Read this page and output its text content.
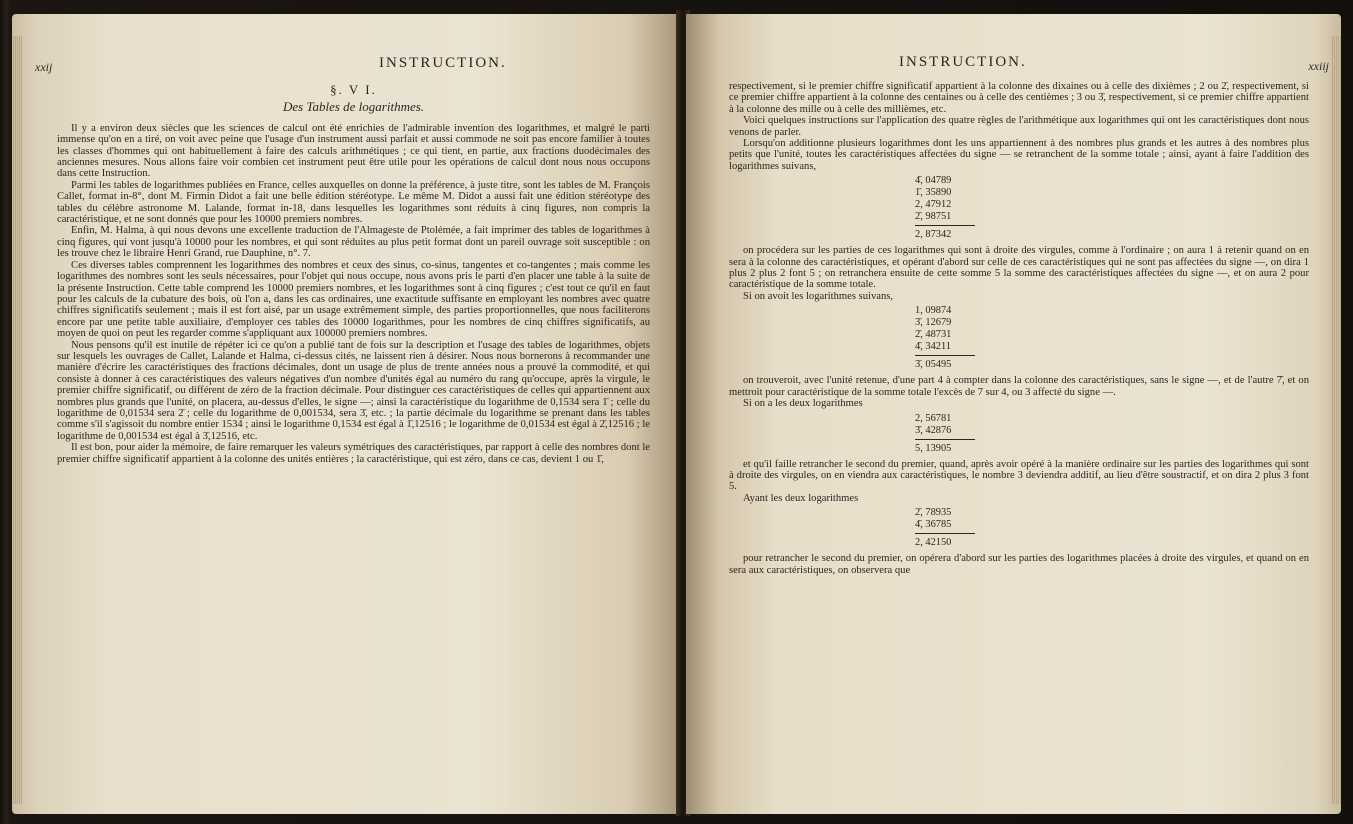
xxij	INSTRUCTION.
§. V I.
Des Tables de logarithmes.

Il y a environ deux siècles que les sciences de calcul ont été enrichies de l'admirable invention des logarithmes, et malgré le parti immense qu'on en a tiré, on voit avec peine que l'usage d'un instrument aussi parfait et aussi commode ne soit pas encore familier à toutes les classes d'hommes qui ont habituellement à faire des calculs arithmétiques ; ce qui tient, en partie, aux fractions duodécimales des anciennes mesures. Nous allons faire voir combien cet instrument peut être utile pour les opérations de calcul dont nous nous occupons dans cette Instruction.

Parmi les tables de logarithmes publiées en France, celles auxquelles on donne la préférence, à juste titre, sont les tables de M. François Callet, format in-8°, dont M. Firmin Didot a fait une belle édition stéréotype. Le même M. Didot a aussi fait une édition stéréotype des tables du célèbre astronome M. Lalande, format in-18, dans lesquelles les logarithmes sont réduits à cinq figures, non compris la caractéristique, et ne sont donnés que pour les 10000 premiers nombres.

Enfin, M. Halma, à qui nous devons une excellente traduction de l'Almageste de Ptolémée, a fait imprimer des tables de logarithmes à cinq figures, qui vont jusqu'à 10000 pour les nombres, et qui sont réduites au plus petit format dont un pareil ouvrage soit susceptible : on les trouve chez le libraire Henri Grand, rue Dauphine, n°. 7.

Ces diverses tables comprennent les logarithmes des nombres et ceux des sinus, co-sinus, tangentes et co-tangentes ; mais comme les logarithmes des nombres sont les seuls nécessaires, pour l'objet qui nous occupe, nous avons pris le parti d'en placer une table à la suite de la présente Instruction. Cette table comprend les 10000 premiers nombres, et les logarithmes sont à cinq figures ; c'est tout ce qu'il en faut pour les calculs de la cubature des bois, où l'on a, dans les cas ordinaires, une exactitude suffisante en employant les nombres avec quatre chiffres significatifs seulement ; mais il est fort aisé, par un usage extrêmement simple, des parties proportionnelles, que nous faciliterons encore par une petite table auxiliaire, d'employer ces tables des 10000 logarithmes, pour les nombres de cinq chiffres significatifs, au moyen de quoi on peut les regarder comme s'appliquant aux 100000 premiers nombres.

Nous pensons qu'il est inutile de répéter ici ce qu'on a publié tant de fois sur la description et l'usage des tables de logarithmes, objets sur lesquels les ouvrages de Callet, Lalande et Halma, ci-dessus cités, ne laissent rien à désirer. Nous nous bornerons à recommander une manière d'écrire les caractéristiques des fractions décimales, dont un usage de plus de trente années nous a prouvé la commodité, et qui consiste à donner à ces caractéristiques des valeurs négatives d'un nombre d'unités égal au numéro du rang qu'occupe, après la virgule, le premier chiffre significatif, ou différent de zéro de la fraction décimale. Pour distinguer ces caractéristiques de celles qui appartiennent aux nombres plus grands que l'unité, on placera, au-dessus d'elles, le signe —; ainsi la caractéristique du logarithme de 0,1534 sera 1̄ ; celle du logarithme de 0,01534 sera 2̄ ; celle du logarithme de 0,001534, sera 3̄, etc. ; la partie décimale du logarithme se prenant dans les tables comme s'il s'agissoit du nombre entier 1534 ; ainsi le logarithme 0,1534 est égal à 1̄,12516 ; le logarithme de 0,01534 est égal à 2̄,12516 ; le logarithme de 0,001534 est égal à 3̄,12516, etc.

Il est bon, pour aider la mémoire, de faire remarquer les valeurs symétriques des caractéristiques, par rapport à celle des nombres dont le premier chiffre significatif appartient à la colonne des unités entières ; la caractéristique, qui est zéro, dans ce cas, devient 1 ou 1̄,

INSTRUCTION.	xxiij

respectivement, si le premier chiffre significatif appartient à la colonne des dixaines ou à celle des dixièmes ; 2 ou 2̄, respectivement, si ce premier chiffre appartient à la colonne des centaines ou à celle des centièmes ; 3 ou 3̄, respectivement, si ce premier chiffre appartient à la colonne des mille ou à celle des millièmes, etc.

Voici quelques instructions sur l'application des quatre règles de l'arithmétique aux logarithmes qui ont les caractéristiques dont nous venons de parler.

Lorsqu'on additionne plusieurs logarithmes dont les uns appartiennent à des nombres plus grands et les autres à des nombres plus petits que l'unité, toutes les caractéristiques affectées du signe — se retranchent de la somme totale ; ainsi, ayant à faire l'addition des logarithmes suivans,

4̄, 04789
1̄, 35890
2, 47912
2̄, 98751
2, 87342

on procédera sur les parties de ces logarithmes qui sont à droite des virgules, comme à l'ordinaire ; on aura 1 à retenir quand on en sera à la colonne des caractéristiques, et opérant d'abord sur celle de ces caractéristiques qui ne sont pas affectées du signe —, on dira 1 plus 2 plus 2 font 5 ; on retranchera ensuite de cette somme 5 la somme des caractéristiques affectées du signe —, et on aura 2 pour caractéristique de la somme totale.

Si on avoit les logarithmes suivans,

1, 09874
3̄, 12679
2̄, 48731
4̄, 34211
3̄, 05495

on trouveroit, avec l'unité retenue, d'une part 4 à compter dans la colonne des caractéristiques, sans le signe —, et de l'autre 7̄, et on mettroit pour caractéristique de la somme totale l'excès de 7 sur 4, ou 3 affecté du signe —.

Si on a les deux logarithmes

2, 56781
3̄, 42876
5, 13905

et qu'il faille retrancher le second du premier, quand, après avoir opéré à la manière ordinaire sur les parties des logarithmes qui sont à droite des virgules, on en viendra aux caractéristiques, le nombre 3 deviendra additif, au lieu d'être soustractif, et on dira 2 plus 3 font 5.

Ayant les deux logarithmes

2̄, 78935
4̄, 36785
2, 42150

pour retrancher le second du premier, on opérera d'abord sur les parties des logarithmes placées à droite des virgules, et quand on en sera aux caractéristiques, on observera que
